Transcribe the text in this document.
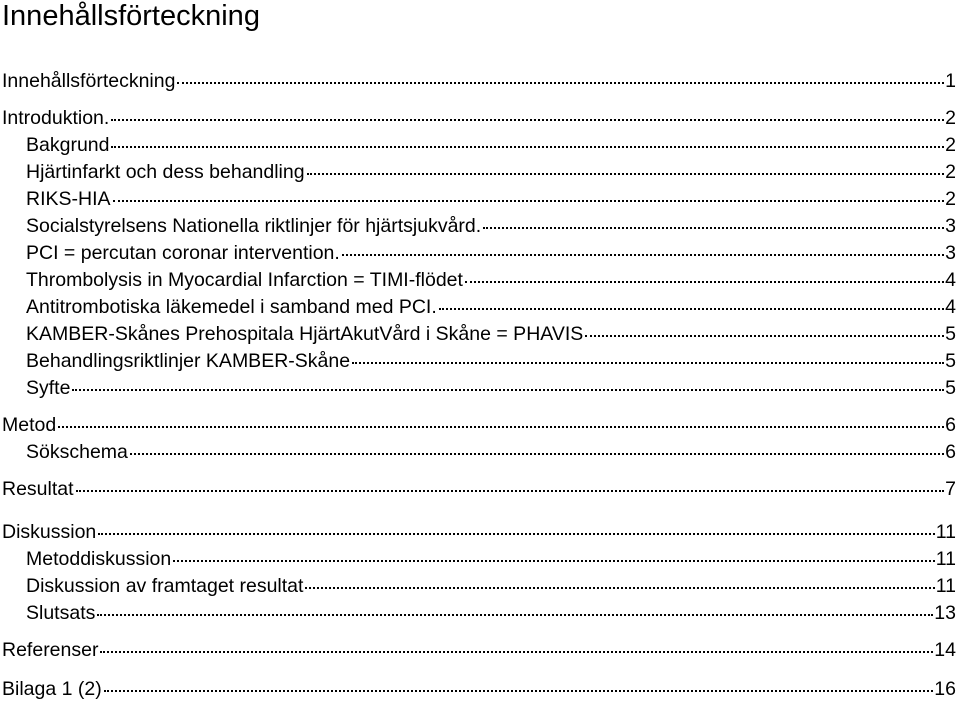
Innehållsförteckning
Innehållsförteckning	1
Introduktion.	2
Bakgrund	2
Hjärtinfarkt och dess behandling	2
RIKS-HIA	2
Socialstyrelsens Nationella riktlinjer för hjärtsjukvård.	3
PCI = percutan coronar intervention.	3
Thrombolysis in Myocardial Infarction = TIMI-flödet	4
Antitrombotiska läkemedel i samband med PCI.	4
KAMBER-Skånes Prehospitala HjärtAkutVård i Skåne = PHAVIS	5
Behandlingsriktlinjer KAMBER-Skåne	5
Syfte	5
Metod	6
Sökschema	6
Resultat	7
Diskussion	11
Metoddiskussion	11
Diskussion av framtaget resultat	11
Slutsats	13
Referenser	14
Bilaga 1 (2)	16
